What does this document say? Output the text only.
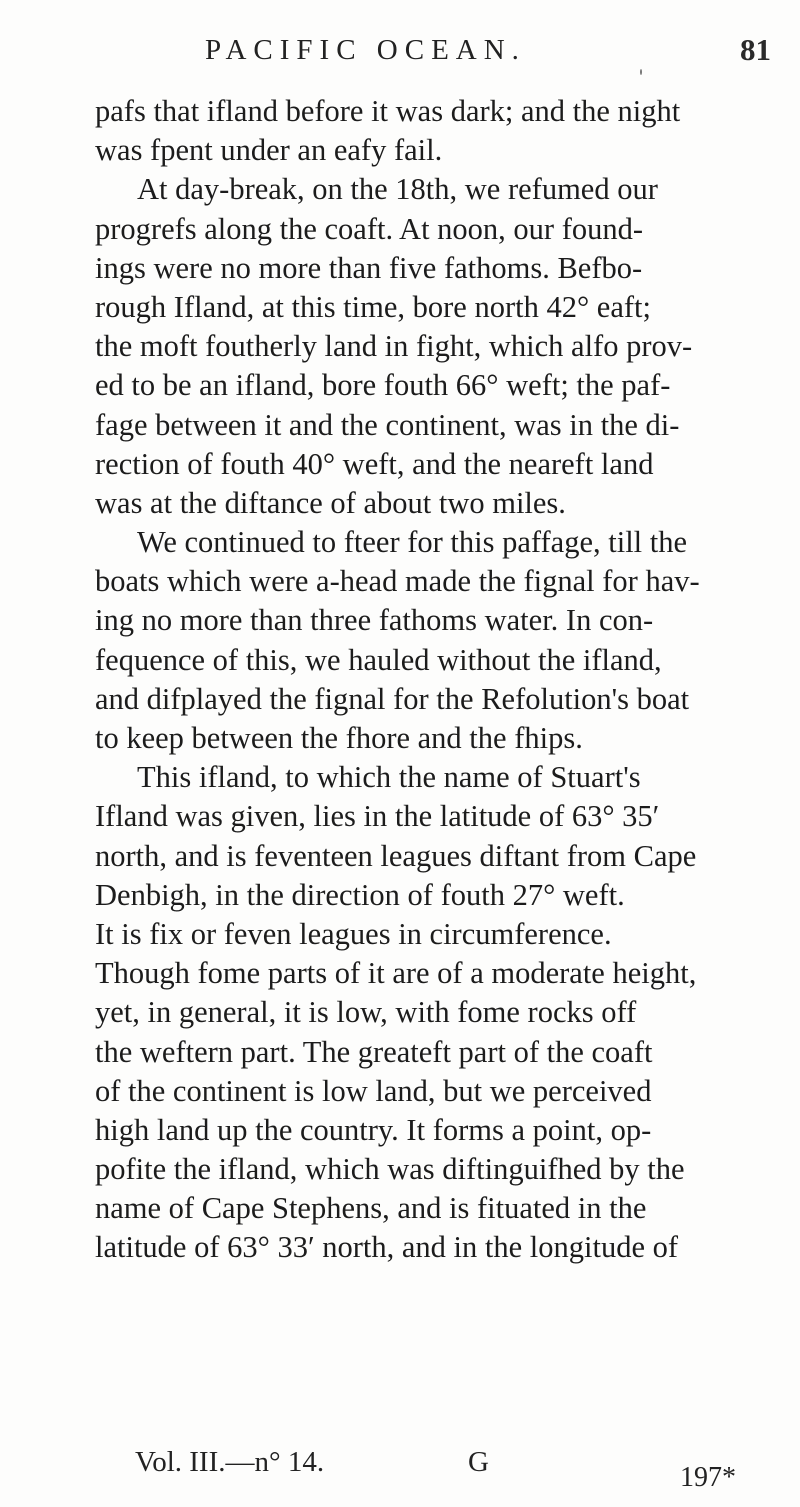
PACIFIC OCEAN.	81
pafs that ifland before it was dark; and the night
was fpent under an eafy fail.
At day-break, on the 18th, we refumed our
progrefs along the coaft. At noon, our found-
ings were no more than five fathoms. Befbo-
rough Ifland, at this time, bore north 42° eaft;
the moft foutherly land in fight, which alfo prov-
ed to be an ifland, bore fouth 66° weft; the paf-
fage between it and the continent, was in the di-
rection of fouth 40° weft, and the neareft land
was at the diftance of about two miles.
We continued to fteer for this paffage, till the
boats which were a-head made the fignal for hav-
ing no more than three fathoms water. In con-
fequence of this, we hauled without the ifland,
and difplayed the fignal for the Refolution's boat
to keep between the fhore and the fhips.
This ifland, to which the name of Stuart's
Ifland was given, lies in the latitude of 63° 35′
north, and is feventeen leagues diftant from Cape
Denbigh, in the direction of fouth 27° weft.
It is fix or feven leagues in circumference.
Though fome parts of it are of a moderate height,
yet, in general, it is low, with fome rocks off
the weftern part. The greateft part of the coaft
of the continent is low land, but we perceived
high land up the country. It forms a point, op-
pofite the ifland, which was diftinguifhed by the
name of Cape Stephens, and is fituated in the
latitude of 63° 33′ north, and in the longitude of
Vol. III.—n° 14.	G	197*
